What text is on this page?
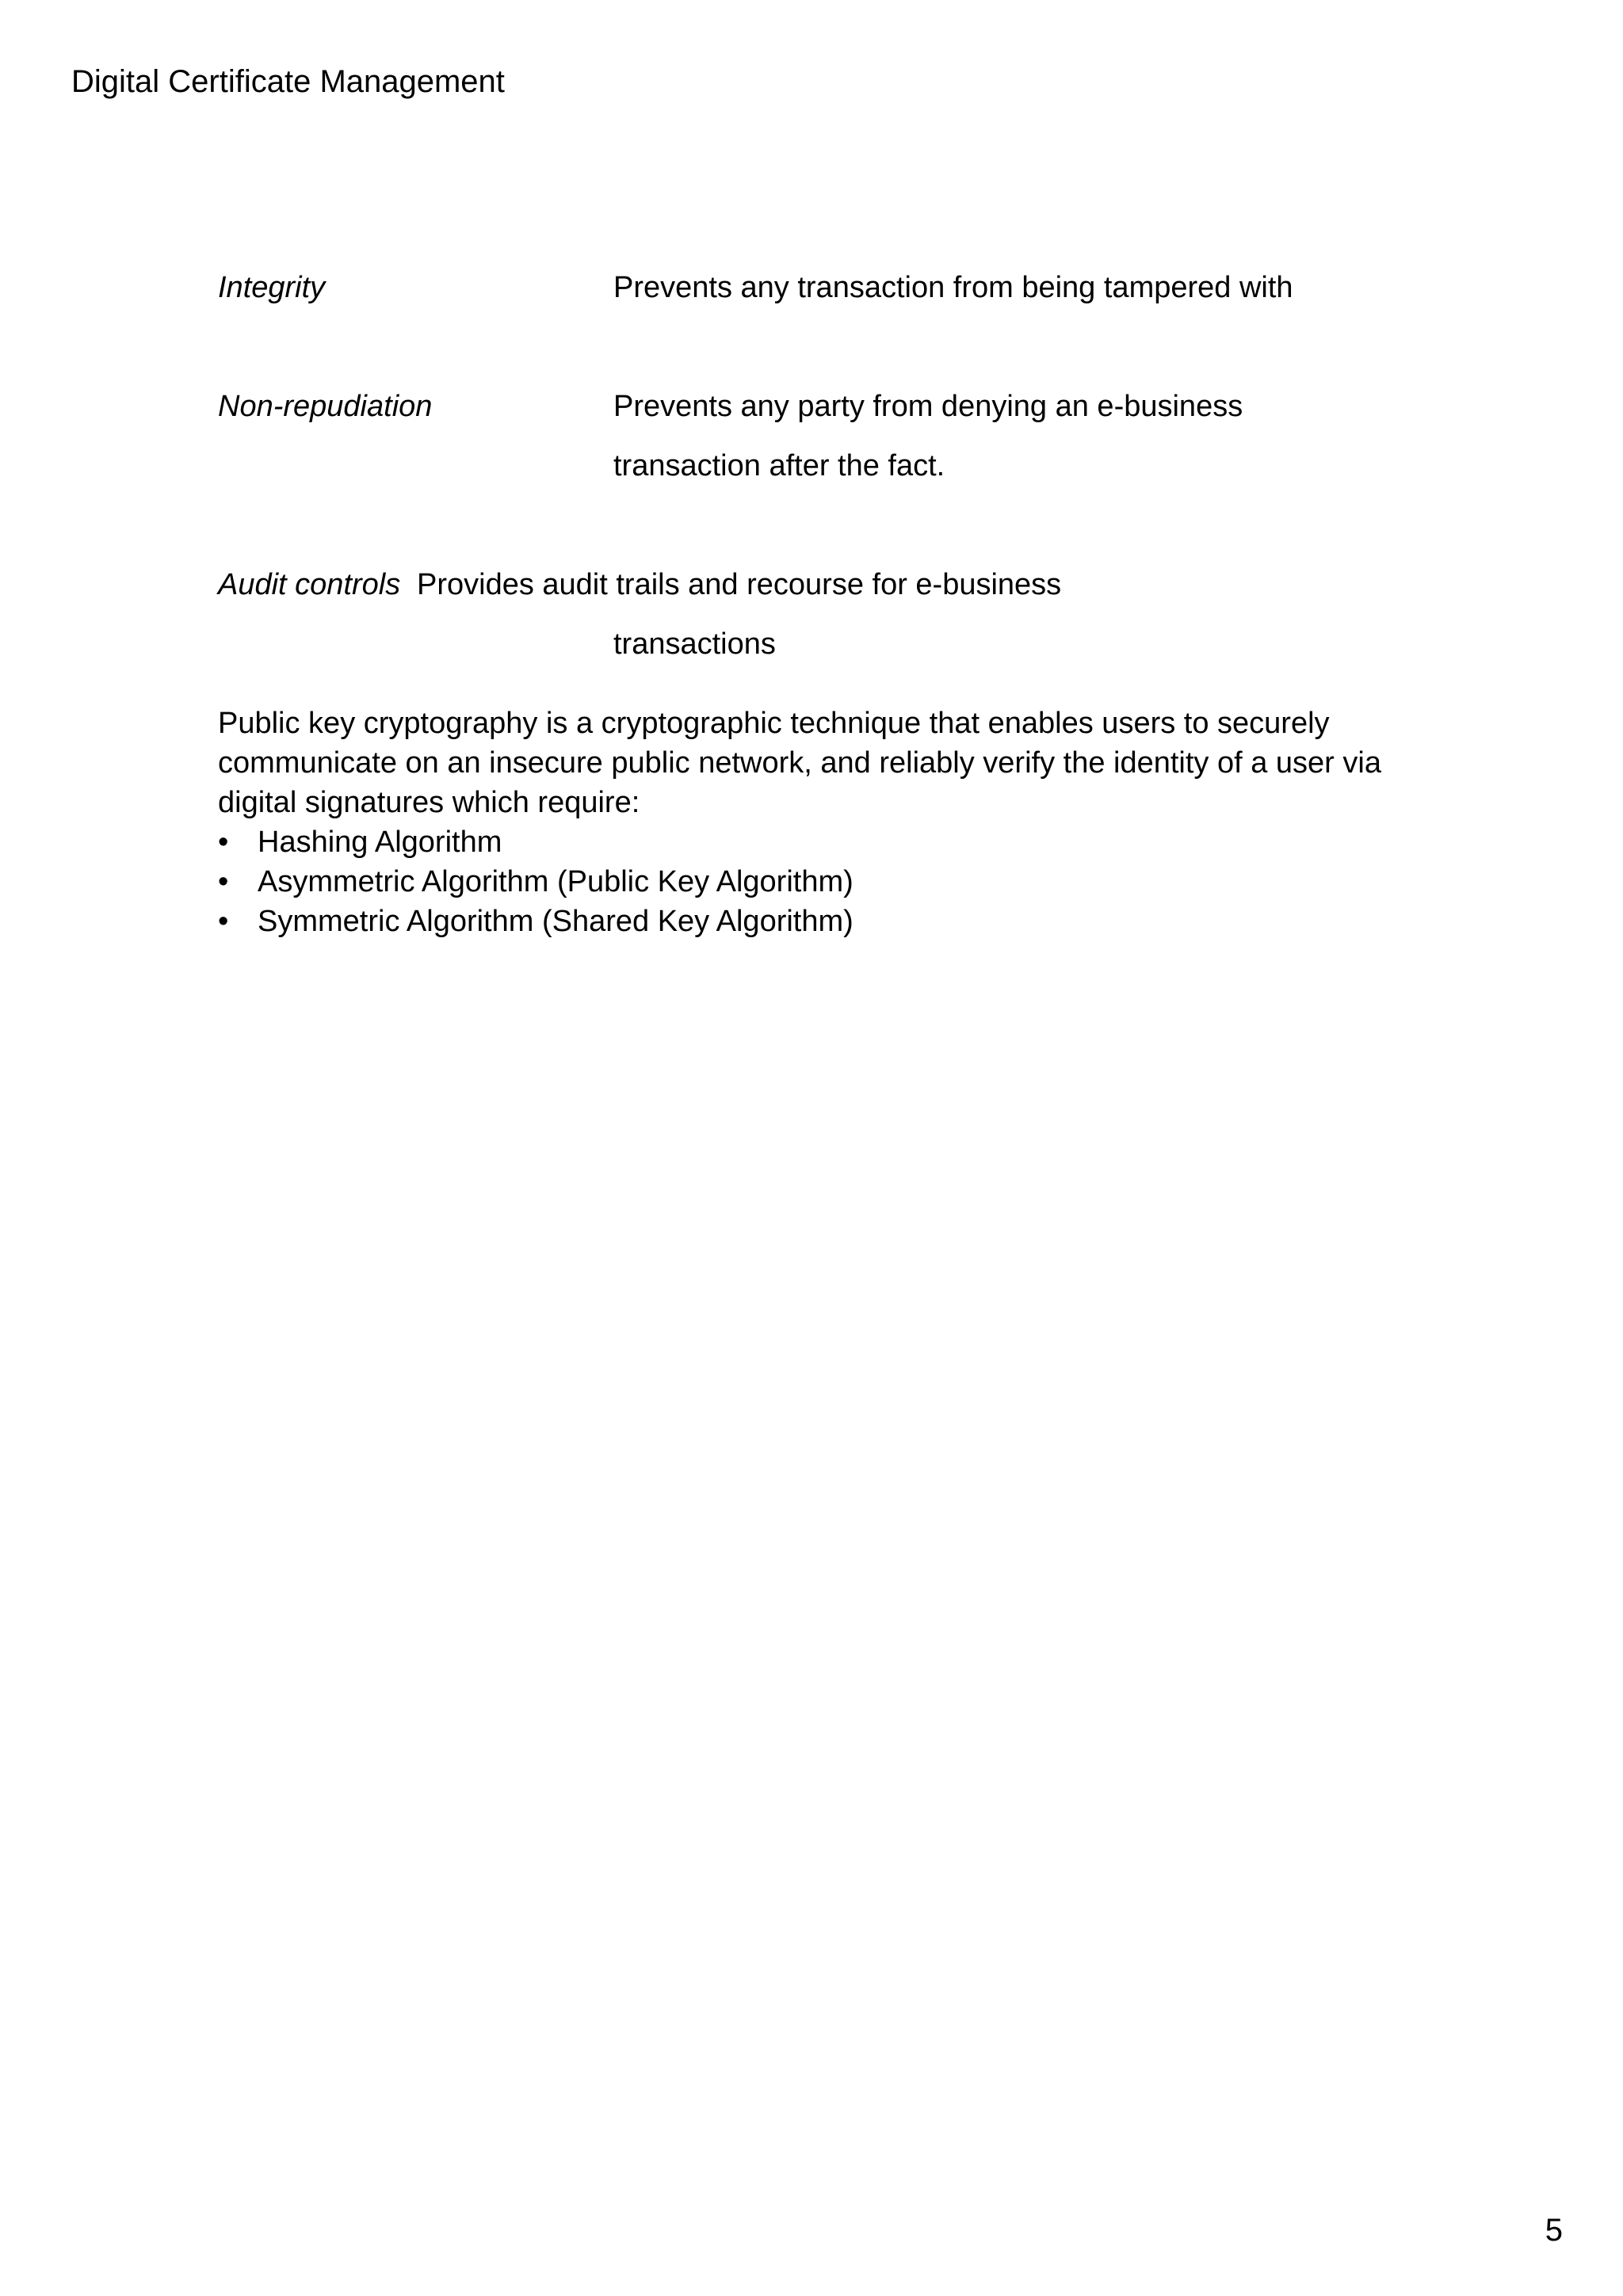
Digital Certificate Management
Integrity	Prevents any transaction from being tampered with
Non-repudiation	Prevents any party from denying an e-business
transaction after the fact.
Audit controls Provides audit trails and recourse for e-business
transactions

Public key cryptography is a cryptographic technique that enables users to securely communicate on an insecure public network, and reliably verify the identity of a user via digital signatures which require:

• Hashing Algorithm
• Asymmetric Algorithm (Public Key Algorithm)
• Symmetric Algorithm (Shared Key Algorithm)
5
